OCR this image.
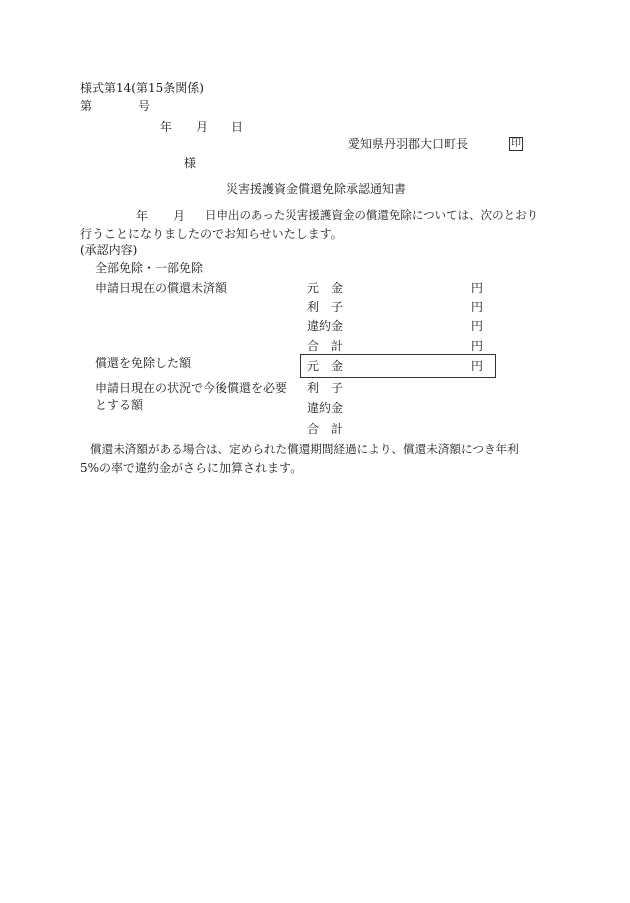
様式第14(第15条関係)
第	号
年 月 日
愛知県丹羽郡大口町長	印
様
災害援護資金償還免除承認通知書
年 月 日申出のあった災害援護資金の償還免除については、次のとおり
行うことになりましたのでお知らせいたします。
(承認内容)
全部免除・一部免除
申請日現在の償還未済額	元　金	円
利　子	円
違約金	円
合　計	円
償還を免除した額	元　金	円
申請日現在の状況で今後償還を必要
とする額
利　子
違約金
合　計
償還未済額がある場合は、定められた償還期間経過により、償還未済額につき年利
5%の率で違約金がさらに加算されます。
